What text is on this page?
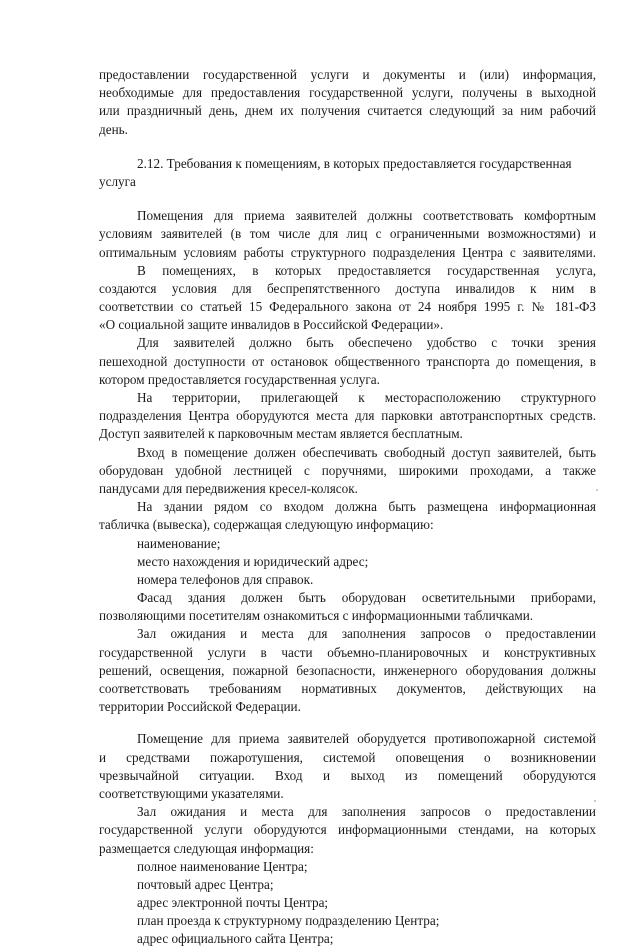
предоставлении государственной услуги и документы и (или) информация,
необходимые для предоставления государственной услуги, получены в выходной
или праздничный день, днем их получения считается следующий за ним рабочий
день.
2.12. Требования к помещениям, в которых предоставляется государственная
услуга
Помещения для приема заявителей должны соответствовать комфортным
условиям заявителей (в том числе для лиц с ограниченными возможностями) и
оптимальным условиям работы структурного подразделения Центра с заявителями.
В помещениях, в которых предоставляется государственная услуга,
создаются условия для беспрепятственного доступа инвалидов к ним в
соответствии со статьей 15 Федерального закона от 24 ноября 1995 г. № 181-ФЗ
«О социальной защите инвалидов в Российской Федерации».
Для заявителей должно быть обеспечено удобство с точки зрения
пешеходной доступности от остановок общественного транспорта до помещения, в
котором предоставляется государственная услуга.
На территории, прилегающей к месторасположению структурного
подразделения Центра оборудуются места для парковки автотранспортных средств.
Доступ заявителей к парковочным местам является бесплатным.
Вход в помещение должен обеспечивать свободный доступ заявителей, быть
оборудован удобной лестницей с поручнями, широкими проходами, а также
пандусами для передвижения кресел-колясок.
На здании рядом со входом должна быть размещена информационная
табличка (вывеска), содержащая следующую информацию:
наименование;
место нахождения и юридический адрес;
номера телефонов для справок.
Фасад здания должен быть оборудован осветительными приборами,
позволяющими посетителям ознакомиться с информационными табличками.
Зал ожидания и места для заполнения запросов о предоставлении
государственной услуги в части объемно-планировочных и конструктивных
решений, освещения, пожарной безопасности, инженерного оборудования должны
соответствовать требованиям нормативных документов, действующих на
территории Российской Федерации.
Помещение для приема заявителей оборудуется противопожарной системой
и средствами пожаротушения, системой оповещения о возникновении
чрезвычайной ситуации. Вход и выход из помещений оборудуются
соответствующими указателями.
Зал ожидания и места для заполнения запросов о предоставлении
государственной услуги оборудуются информационными стендами, на которых
размещается следующая информация:
полное наименование Центра;
почтовый адрес Центра;
адрес электронной почты Центра;
план проезда к структурному подразделению Центра;
адрес официального сайта Центра;
